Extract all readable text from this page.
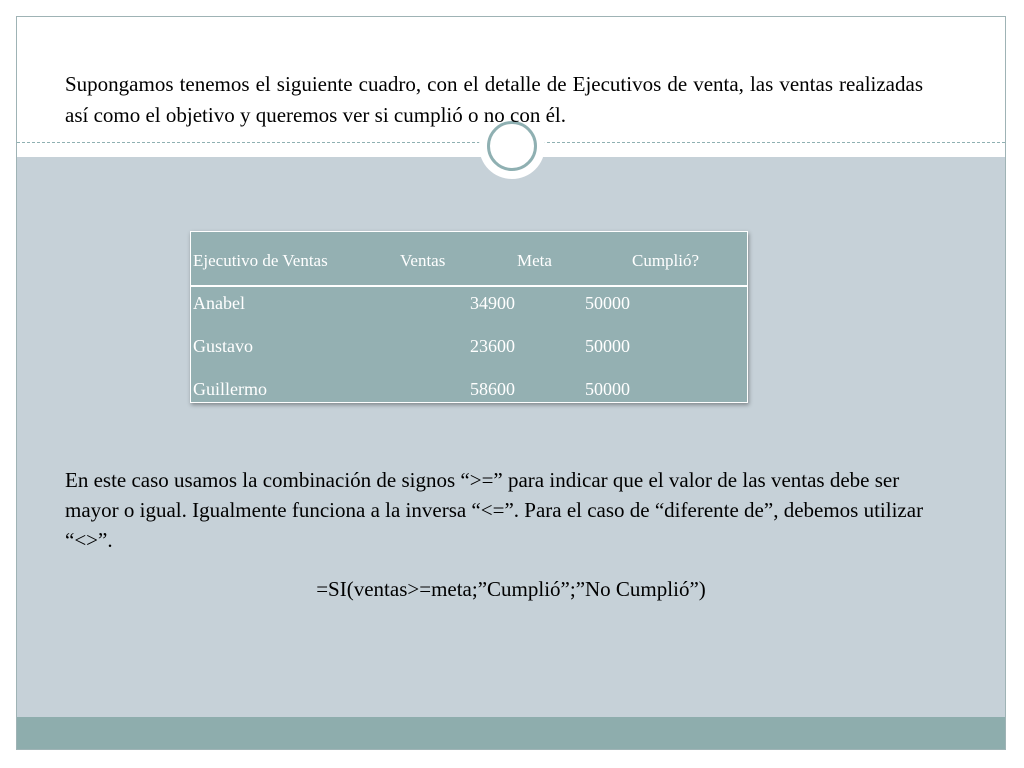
Supongamos tenemos el siguiente cuadro, con el detalle de Ejecutivos de venta, las ventas realizadas así como el objetivo y queremos ver si cumplió o no con él.

Ejecutivo de Ventas	Ventas	Meta	Cumplió?
Anabel	34900	50000
Gustavo	23600	50000
Guillermo	58600	50000

En este caso usamos la combinación de signos “>=” para indicar que el valor de las ventas debe ser mayor o igual. Igualmente funciona a la inversa “<=”. Para el caso de “diferente de”, debemos utilizar “<>”.

=SI(ventas>=meta;”Cumplió”;”No Cumplió”)
